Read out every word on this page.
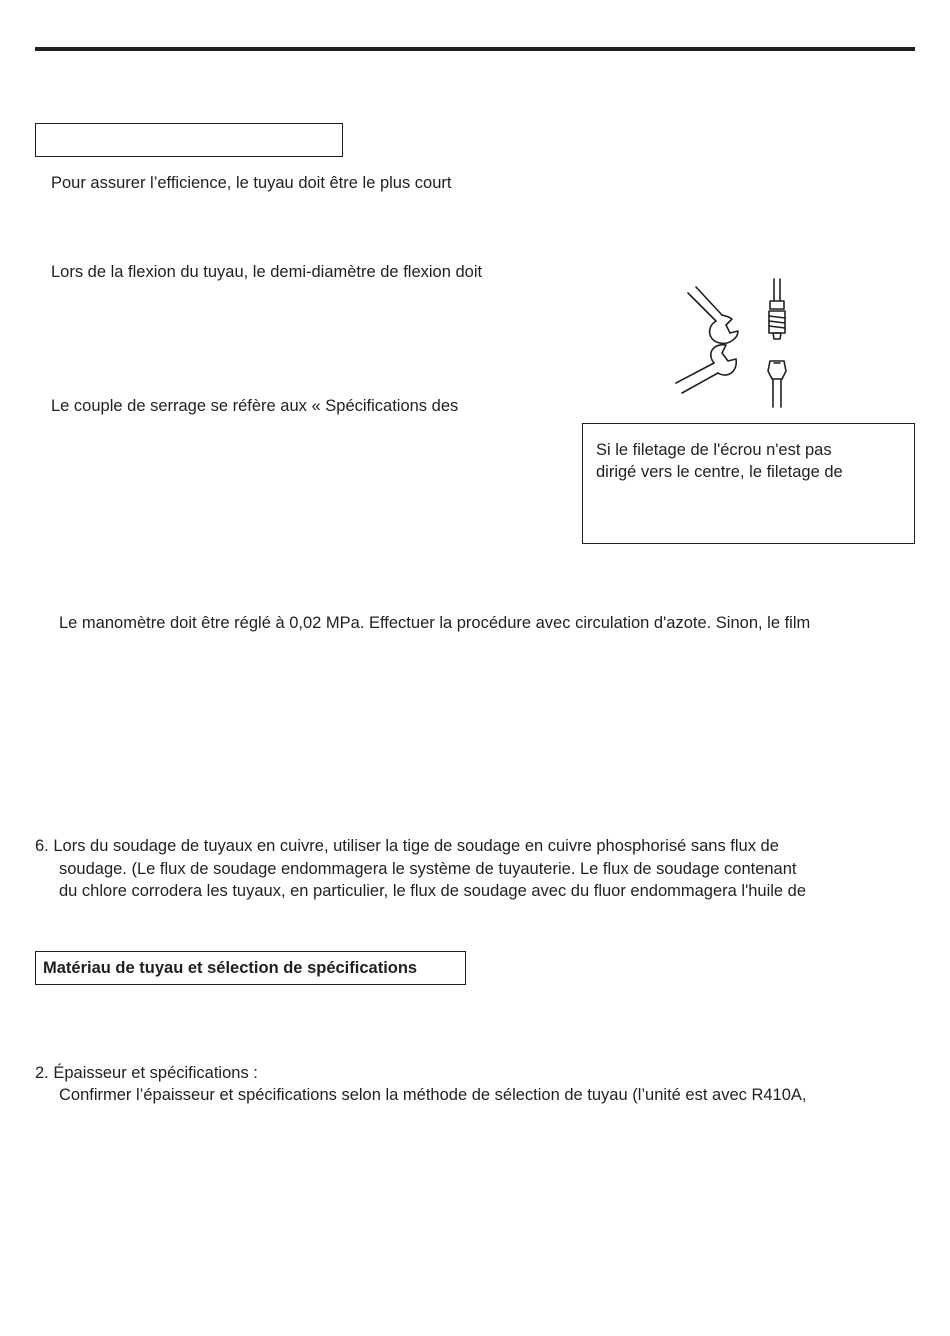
Pour assurer l’efficience, le tuyau doit être le plus court
Lors de la flexion du tuyau, le demi-diamètre de flexion doit
Le couple de serrage se réfère aux « Spécifications des
Si le filetage de l'écrou n'est pas
dirigé vers le centre, le filetage de
Le manomètre doit être réglé à 0,02 MPa. Effectuer la procédure avec circulation d'azote. Sinon, le film
6. Lors du soudage de tuyaux en cuivre, utiliser la tige de soudage en cuivre phosphorisé sans flux de
soudage. (Le flux de soudage endommagera le système de tuyauterie. Le flux de soudage contenant
du chlore corrodera les tuyaux, en particulier, le flux de soudage avec du fluor endommagera l'huile de
Matériau de tuyau et sélection de spécifications
2. Épaisseur et spécifications :
Confirmer l’épaisseur et spécifications selon la méthode de sélection de tuyau (l’unité est avec R410A,
